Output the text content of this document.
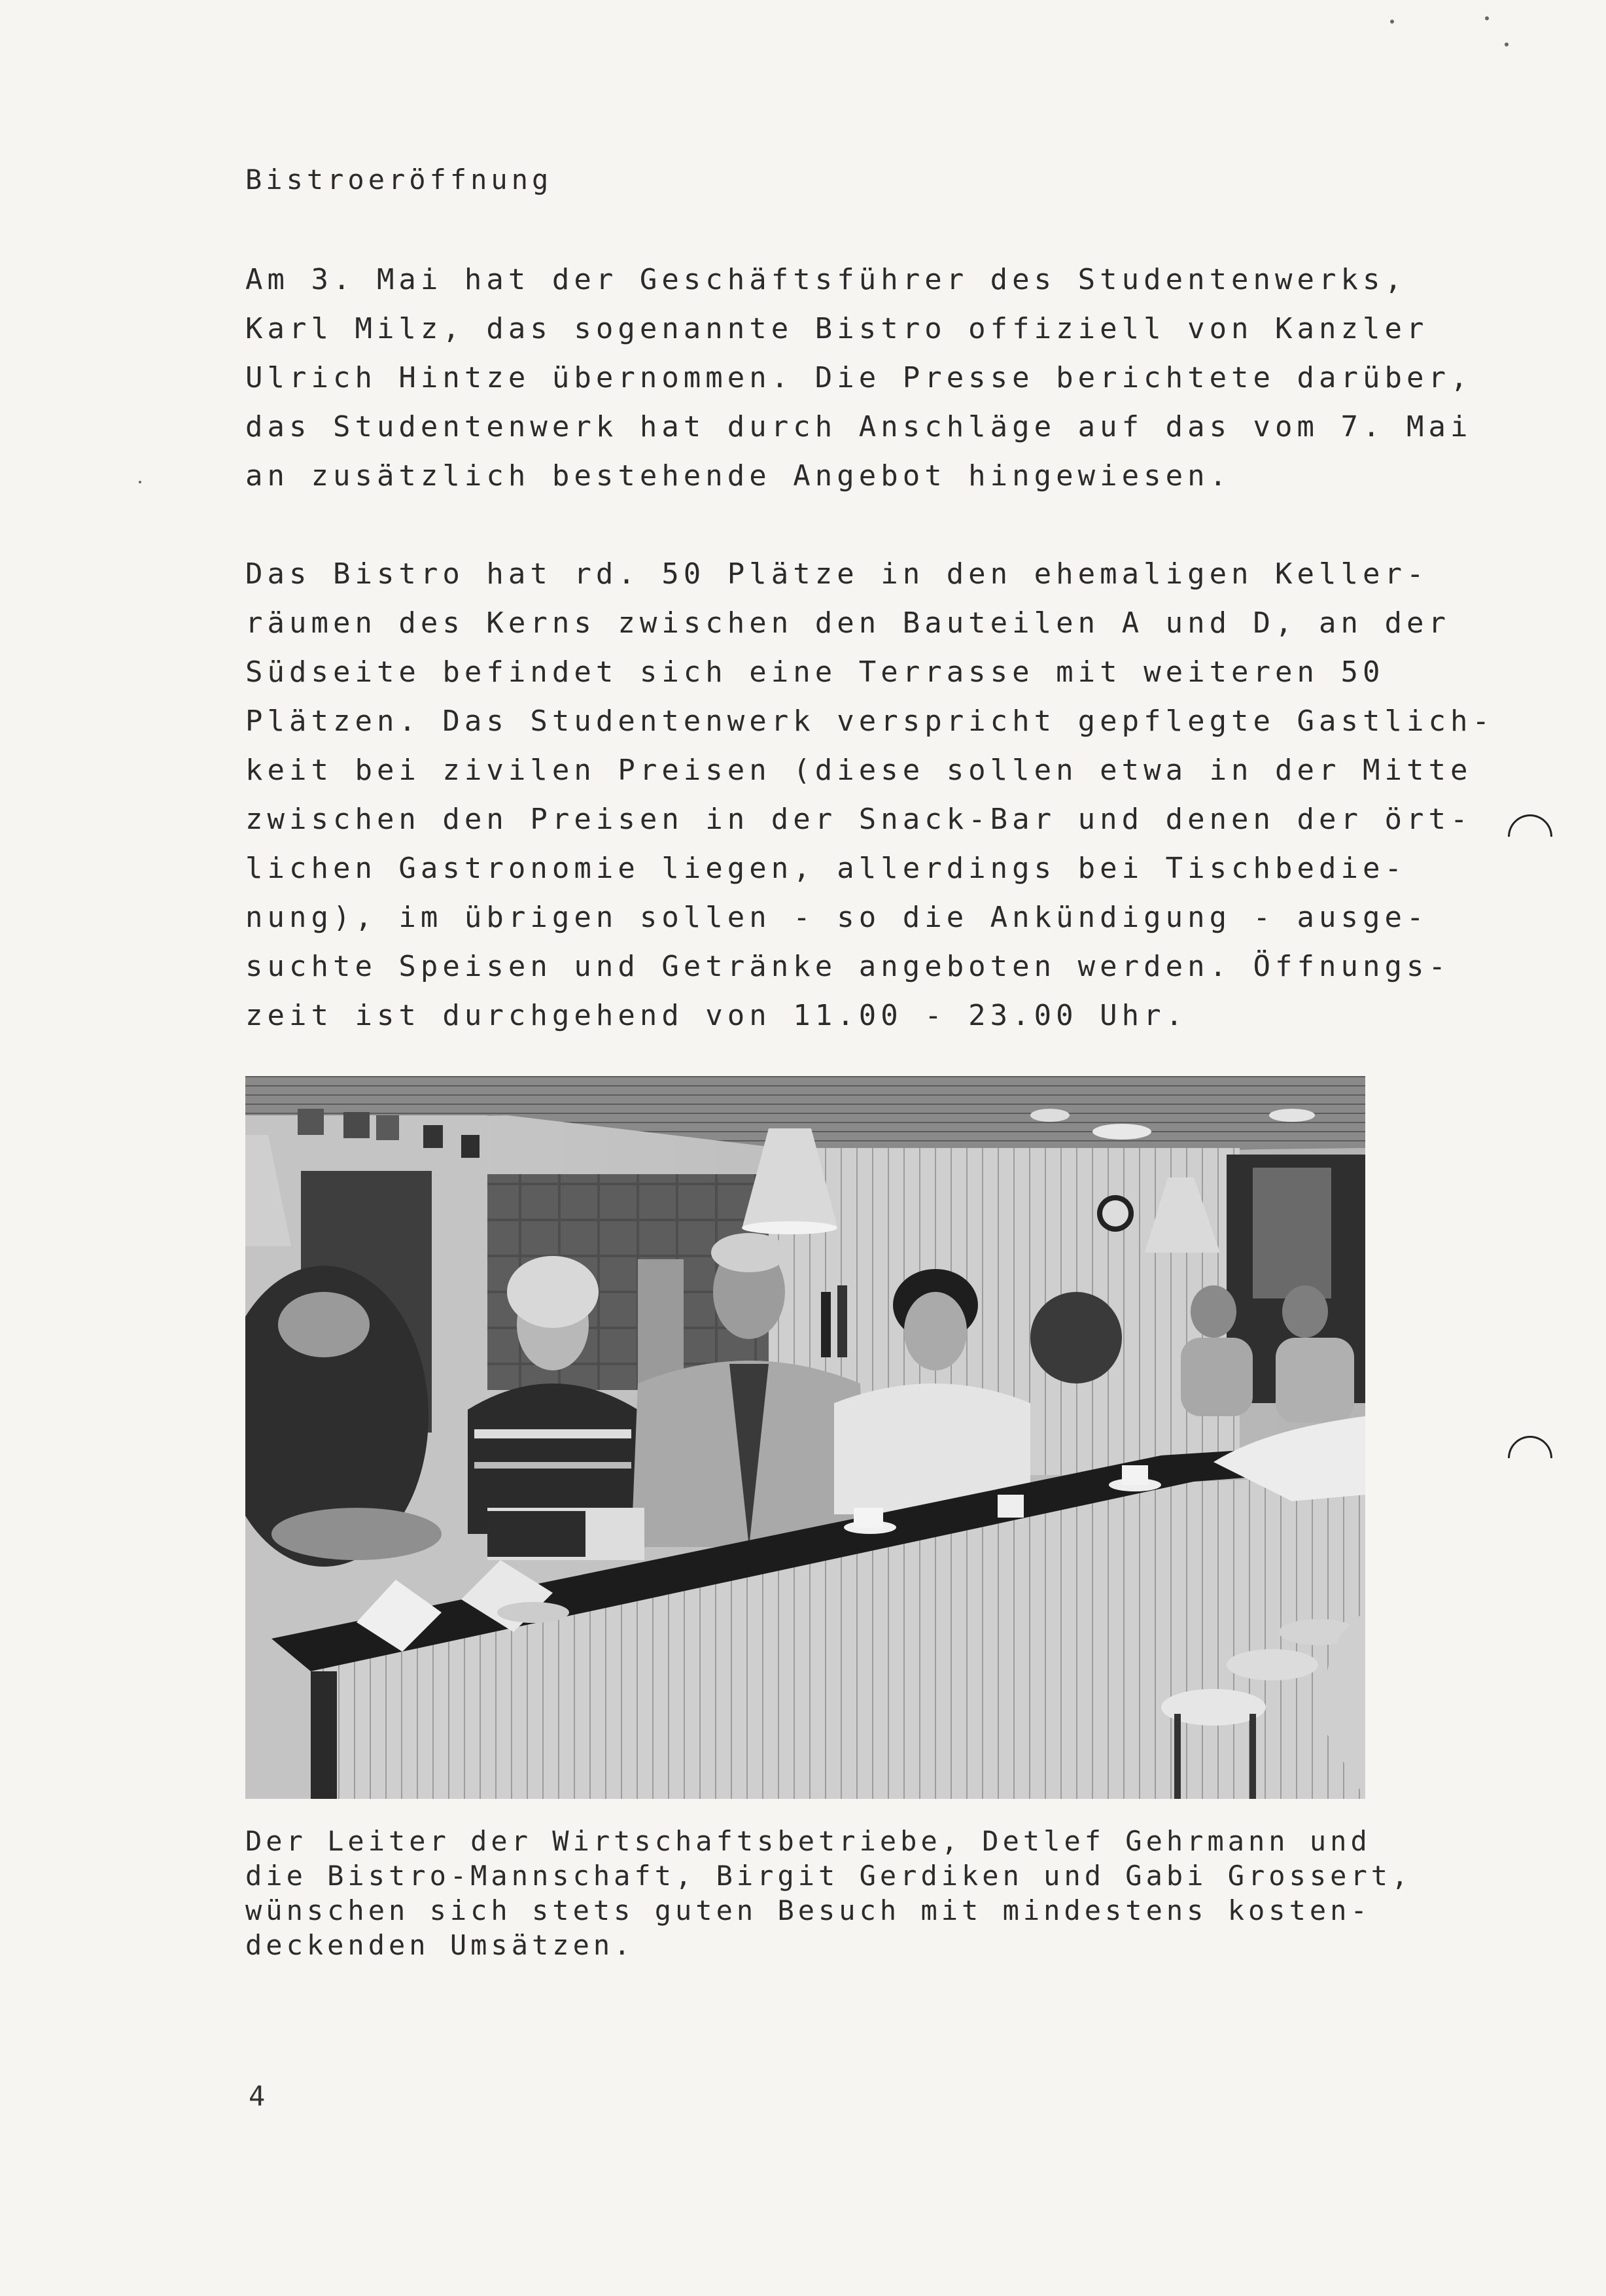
Bistroeröffnung
Am 3. Mai hat der Geschäftsführer des Studentenwerks,
Karl Milz, das sogenannte Bistro offiziell von Kanzler
Ulrich Hintze übernommen. Die Presse berichtete darüber,
das Studentenwerk hat durch Anschläge auf das vom 7. Mai
an zusätzlich bestehende Angebot hingewiesen.
Das Bistro hat rd. 50 Plätze in den ehemaligen Keller-
räumen des Kerns zwischen den Bauteilen A und D, an der
Südseite befindet sich eine Terrasse mit weiteren 50
Plätzen. Das Studentenwerk verspricht gepflegte Gastlich-
keit bei zivilen Preisen (diese sollen etwa in der Mitte
zwischen den Preisen in der Snack-Bar und denen der ört-
lichen Gastronomie liegen, allerdings bei Tischbedie-
nung), im übrigen sollen - so die Ankündigung - ausge-
suchte Speisen und Getränke angeboten werden. Öffnungs-
zeit ist durchgehend von 11.00 - 23.00 Uhr.
Der Leiter der Wirtschaftsbetriebe, Detlef Gehrmann und
die Bistro-Mannschaft, Birgit Gerdiken und Gabi Grossert,
wünschen sich stets guten Besuch mit mindestens kosten-
deckenden Umsätzen.
4
